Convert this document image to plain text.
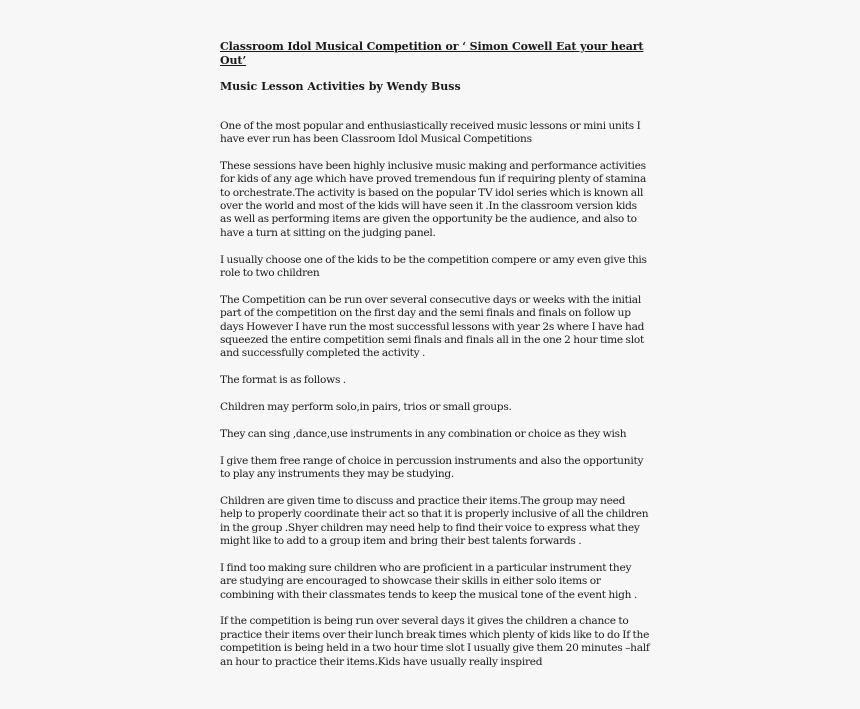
Classroom Idol Musical Competition or ‘ Simon Cowell Eat your heart Out’

Music Lesson Activities by Wendy Buss

One of the most popular and enthusiastically received music lessons or mini units I have ever run has been Classroom Idol Musical Competitions

These sessions have been highly inclusive music making and performance activities for kids of any age which have proved tremendous fun if requiring plenty of stamina to orchestrate.The activity is based on the popular TV idol series which is known all over the world and most of the kids will have seen it .In the classroom version kids as well as performing items are given the opportunity be the audience, and also to have a turn at sitting on the judging panel.

I usually choose one of the kids to be the competition compere or amy even give this role to two children

The Competition can be run over several consecutive days or weeks with the initial part of the competition on the first day and the semi finals and finals on follow up days However I have run the most successful lessons with year 2s where I have had squeezed the entire competition semi finals and finals all in the one 2 hour time slot and successfully completed the activity .

The format is as follows .

Children may perform solo,in pairs, trios or small groups.

They can sing ,dance,use instruments in any combination or choice as they wish

I give them free range of choice in percussion instruments and also the opportunity to play any instruments they may be studying.

Children are given time to discuss and practice their items.The group may need help to properly coordinate their act so that it is properly inclusive of all the children in the group .Shyer children may need help to find their voice to express what they might like to add to a group item and bring their best talents forwards .

I find too making sure children who are proficient in a particular instrument they are studying are encouraged to showcase their skills in either solo items or combining with their classmates tends to keep the musical tone of the event high .

If the competition is being run over several days it gives the children a chance to practice their items over their lunch break times which plenty of kids like to do If the competition is being held in a two hour time slot I usually give them 20 minutes –half an hour to practice their items.Kids have usually really inspired
